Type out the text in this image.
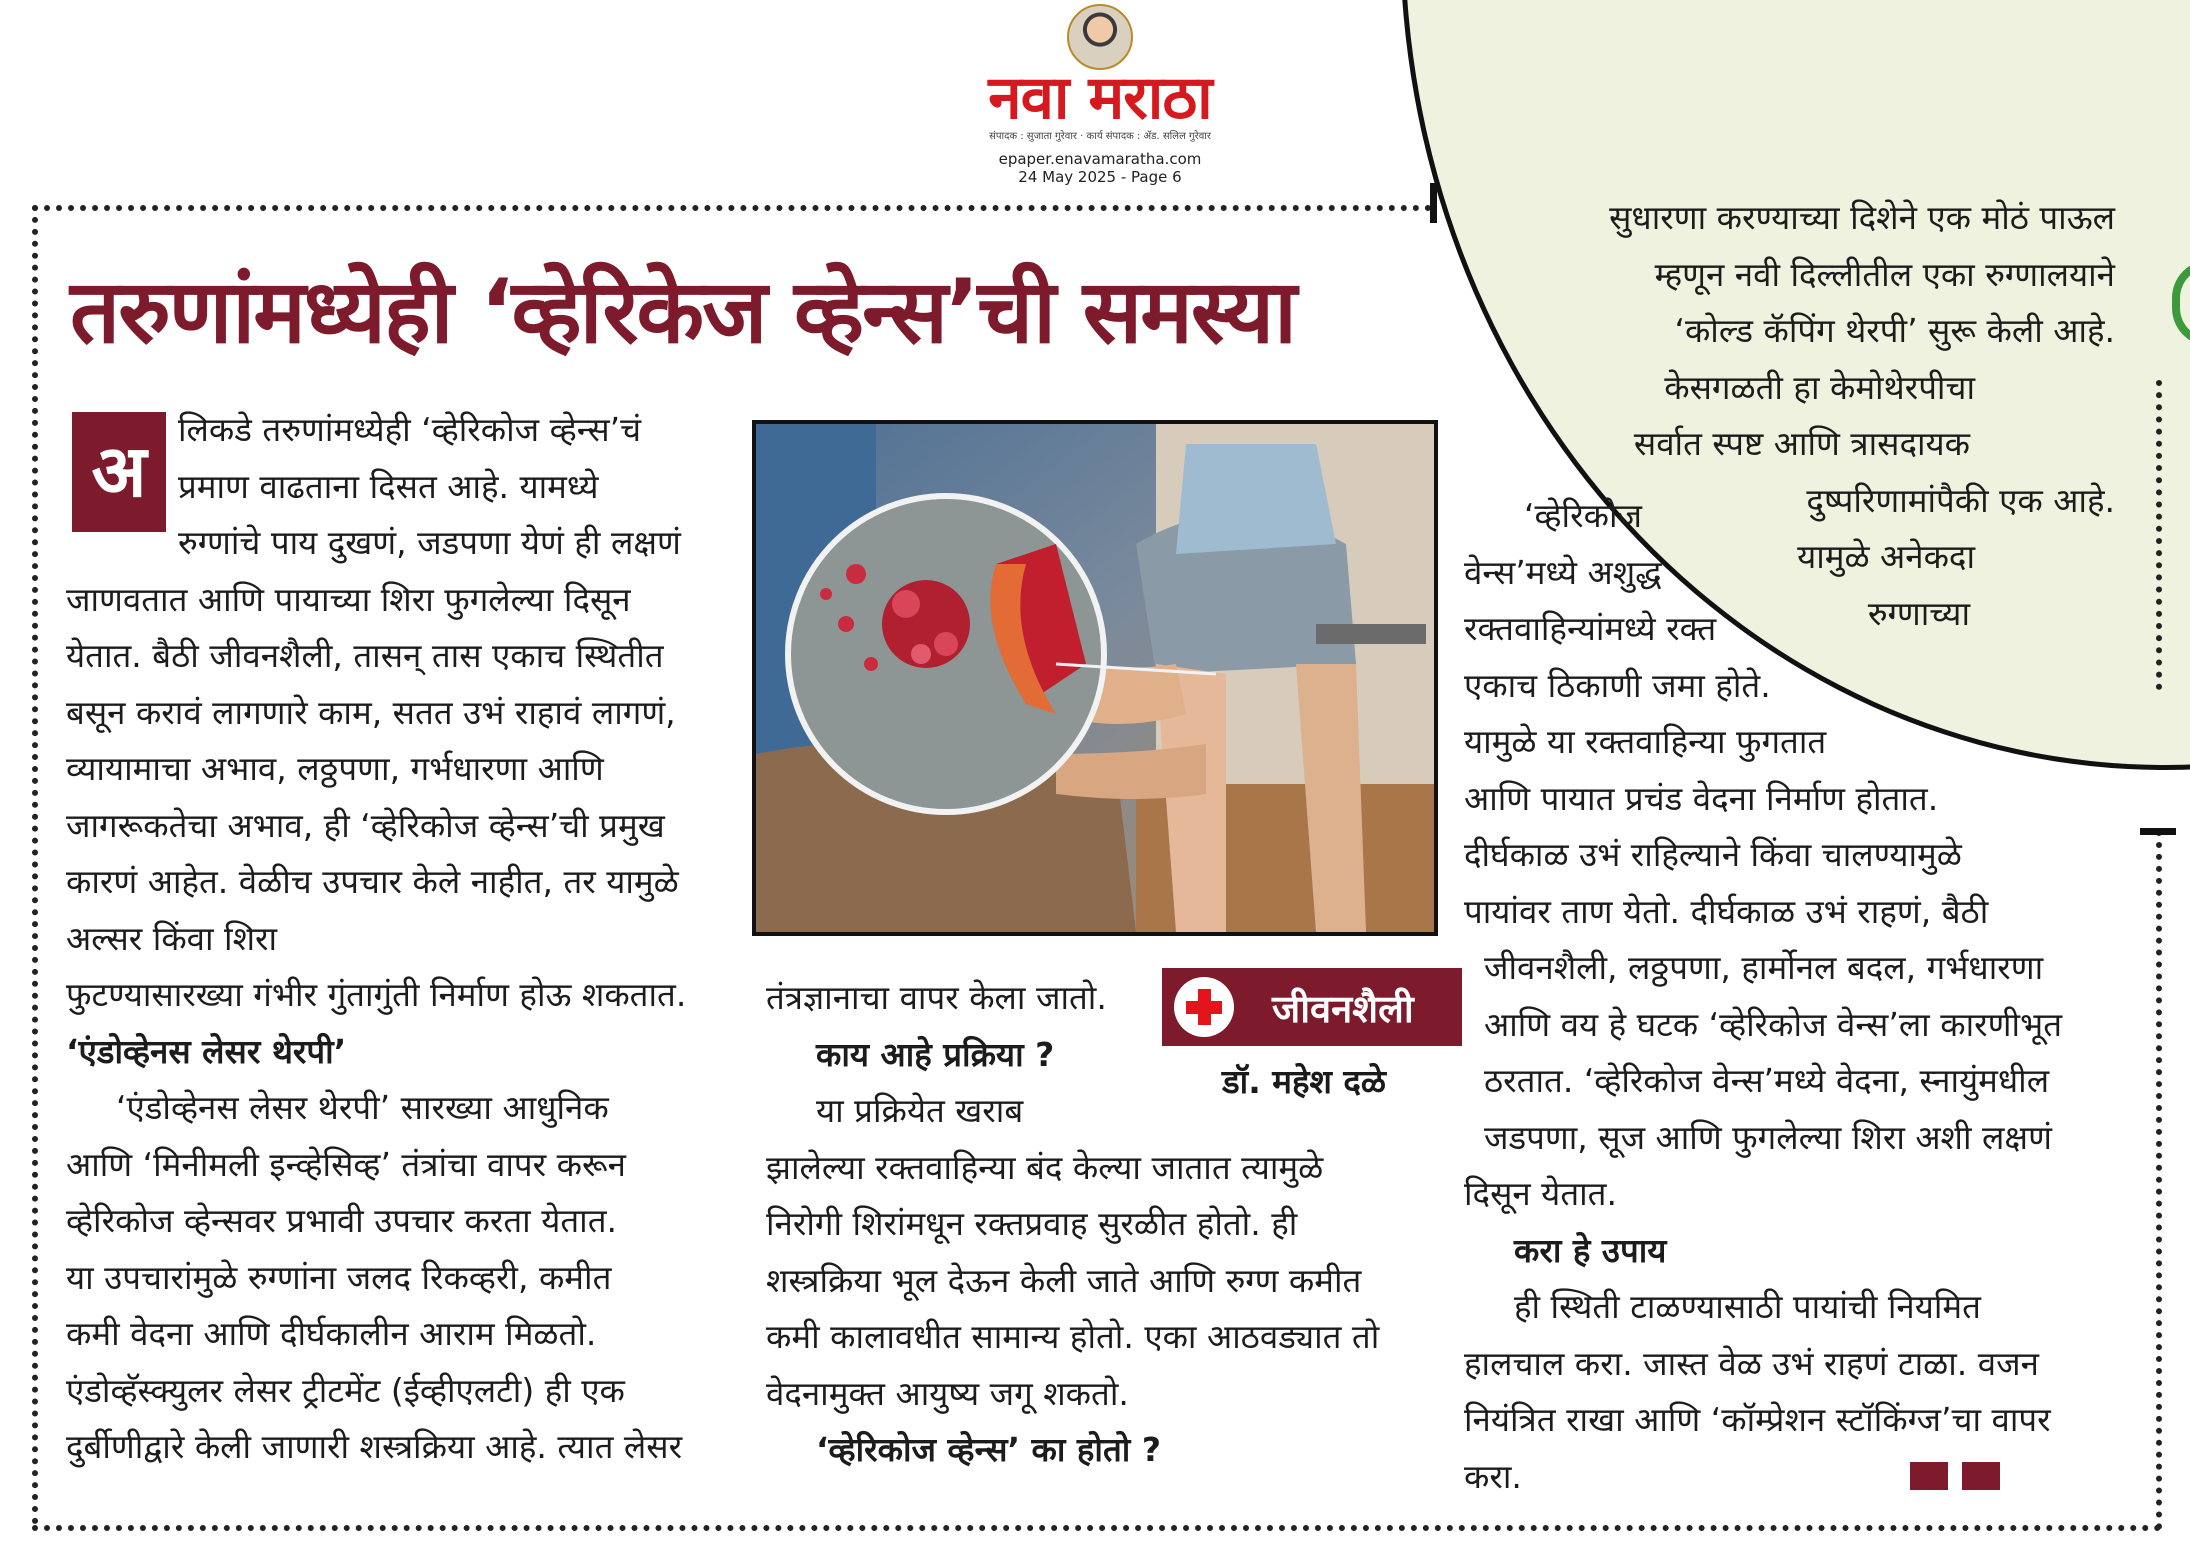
सुधारणा करण्याच्या दिशेने एक मोठं पाऊल
म्हणून नवी दिल्लीतील एका रुग्णालयाने
‘कोल्ड कॅपिंग थेरपी’ सुरू केली आहे.
केसगळती हा केमोथेरपीचा
सर्वात स्पष्ट आणि त्रासदायक
दुष्परिणामांपैकी एक आहे.
यामुळे अनेकदा
रुग्णाच्या
नवा मराठा
संपादक : सुजाता गुरेवार · कार्य संपादक : ॲड. सलिल गुरेवार
epaper.enavamaratha.com
24 May 2025 - Page 6
तरुणांमध्येही ‘व्हेरिकेज व्हेन्स’ची समस्या
अ लिकडे तरुणांमध्येही ‘व्हेरिकोज व्हेन्स’चं
प्रमाण वाढताना दिसत आहे. यामध्ये
रुग्णांचे पाय दुखणं, जडपणा येणं ही लक्षणं
जाणवतात आणि पायाच्या शिरा फुगलेल्या दिसून
येतात. बैठी जीवनशैली, तासन् तास एकाच स्थितीत
बसून करावं लागणारे काम, सतत उभं राहावं लागणं,
व्यायामाचा अभाव, लठ्ठपणा, गर्भधारणा आणि
जागरूकतेचा अभाव, ही ‘व्हेरिकोज व्हेन्स’ची प्रमुख
कारणं आहेत. वेळीच उपचार केले नाहीत, तर यामुळे
अल्सर किंवा शिरा
फुटण्यासारख्या गंभीर गुंतागुंती निर्माण होऊ शकतात.
‘एंडोव्हेनस लेसर थेरपी’
‘एंडोव्हेनस लेसर थेरपी’ सारख्या आधुनिक
आणि ‘मिनीमली इन्व्हेसिव्ह’ तंत्रांचा वापर करून
व्हेरिकोज व्हेन्सवर प्रभावी उपचार करता येतात.
या उपचारांमुळे रुग्णांना जलद रिकव्हरी, कमीत
कमी वेदना आणि दीर्घकालीन आराम मिळतो.
एंडोव्हॅस्क्युलर लेसर ट्रीटमेंट (ईव्हीएलटी) ही एक
दुर्बीणीद्वारे केली जाणारी शस्त्रक्रिया आहे. त्यात लेसर
तंत्रज्ञानाचा वापर केला जातो.
काय आहे प्रक्रिया ?
या प्रक्रियेत खराब
झालेल्या रक्तवाहिन्या बंद केल्या जातात त्यामुळे
निरोगी शिरांमधून रक्तप्रवाह सुरळीत होतो. ही
शस्त्रक्रिया भूल देऊन केली जाते आणि रुग्ण कमीत
कमी कालावधीत सामान्य होतो. एका आठवड्यात तो
वेदनामुक्त आयुष्य जगू शकतो.
‘व्हेरिकोज व्हेन्स’ का होतो ?
जीवनशैली
डॉ. महेश दळे
‘व्हेरिकोज
वेन्स’मध्ये अशुद्ध
रक्तवाहिन्यांमध्ये रक्त
एकाच ठिकाणी जमा होते.
यामुळे या रक्तवाहिन्या फुगतात
आणि पायात प्रचंड वेदना निर्माण होतात.
दीर्घकाळ उभं राहिल्याने किंवा चालण्यामुळे
पायांवर ताण येतो. दीर्घकाळ उभं राहणं, बैठी
जीवनशैली, लठ्ठपणा, हार्मोनल बदल, गर्भधारणा
आणि वय हे घटक ‘व्हेरिकोज वेन्स’ला कारणीभूत
ठरतात. ‘व्हेरिकोज वेन्स’मध्ये वेदना, स्नायुंमधील
जडपणा, सूज आणि फुगलेल्या शिरा अशी लक्षणं
दिसून येतात.
करा हे उपाय
ही स्थिती टाळण्यासाठी पायांची नियमित
हालचाल करा. जास्त वेळ उभं राहणं टाळा. वजन
नियंत्रित राखा आणि ‘कॉम्प्रेशन स्टॉकिंग्ज’चा वापर
करा.
